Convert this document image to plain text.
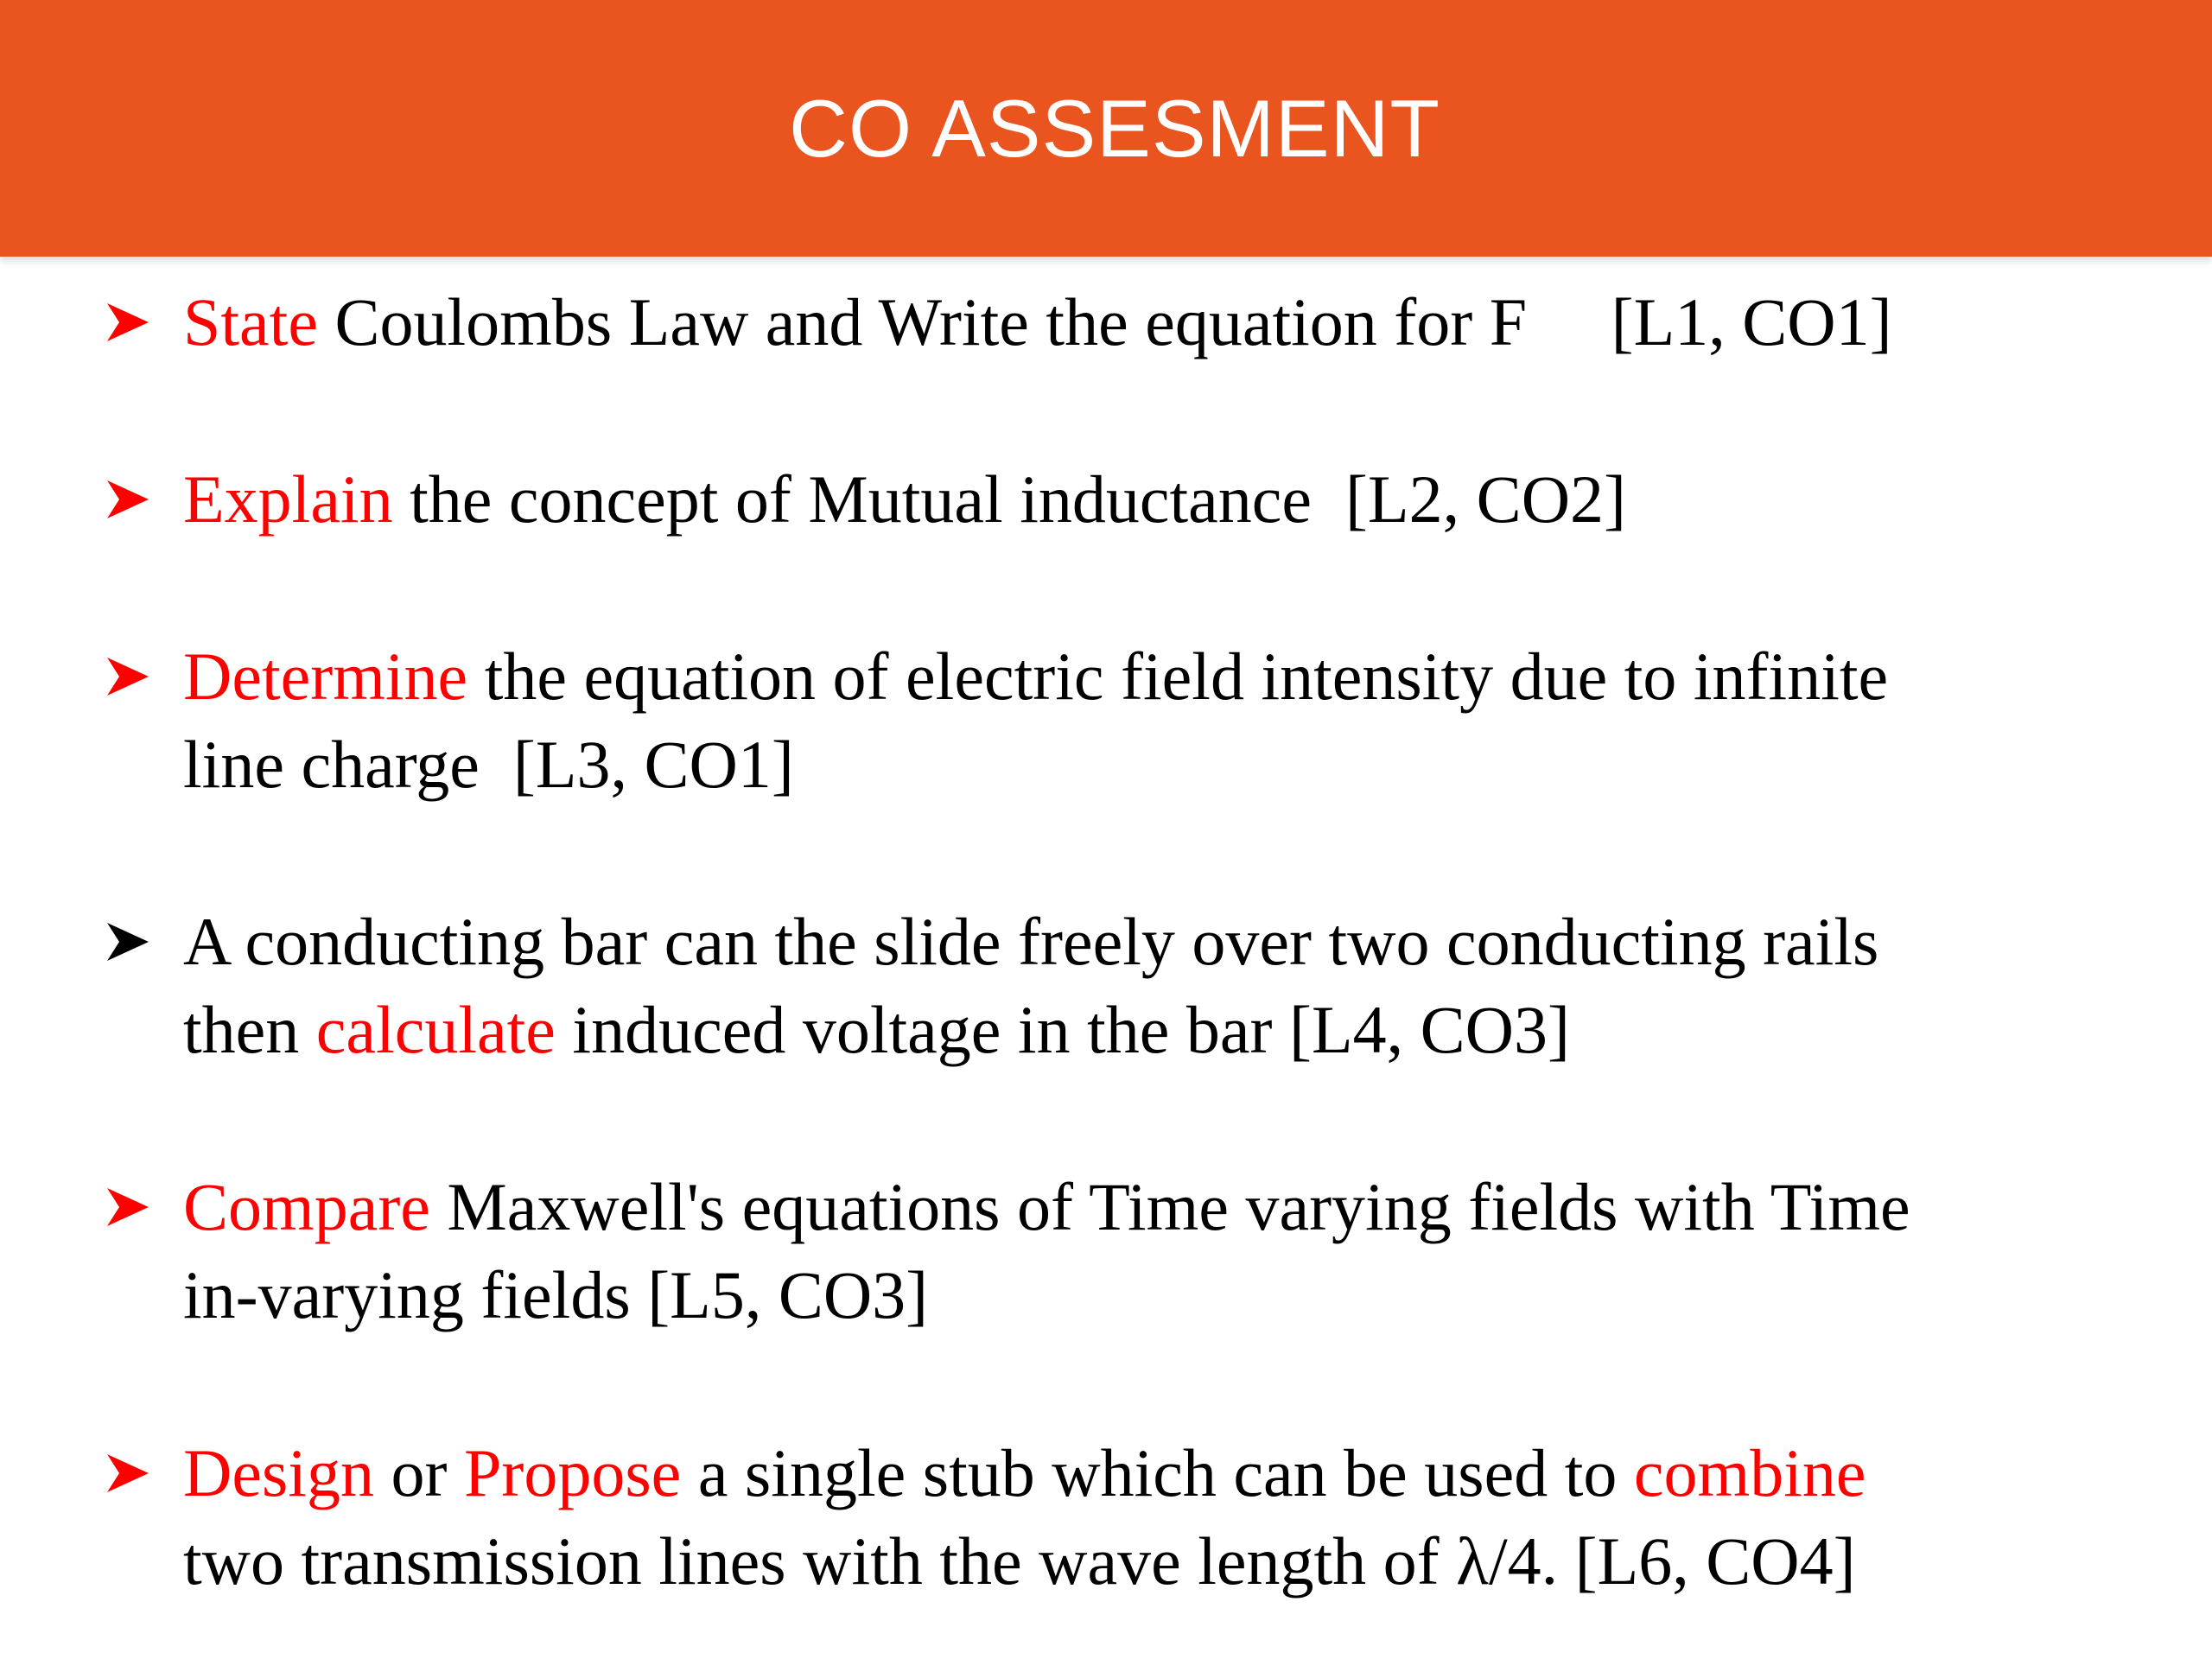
CO ASSESMENT
State Coulombs Law and Write the equation for F     [L1, CO1]
Explain the concept of Mutual inductance  [L2, CO2]
Determine the equation of electric field intensity due to infinite
line charge  [L3, CO1]
A conducting bar can the slide freely over two conducting rails
then calculate induced voltage in the bar [L4, CO3]
Compare Maxwell's equations of Time varying fields with Time
in-varying fields [L5, CO3]
Design or Propose a single stub which can be used to combine
two transmission lines with the wave length of λ/4. [L6, CO4]
